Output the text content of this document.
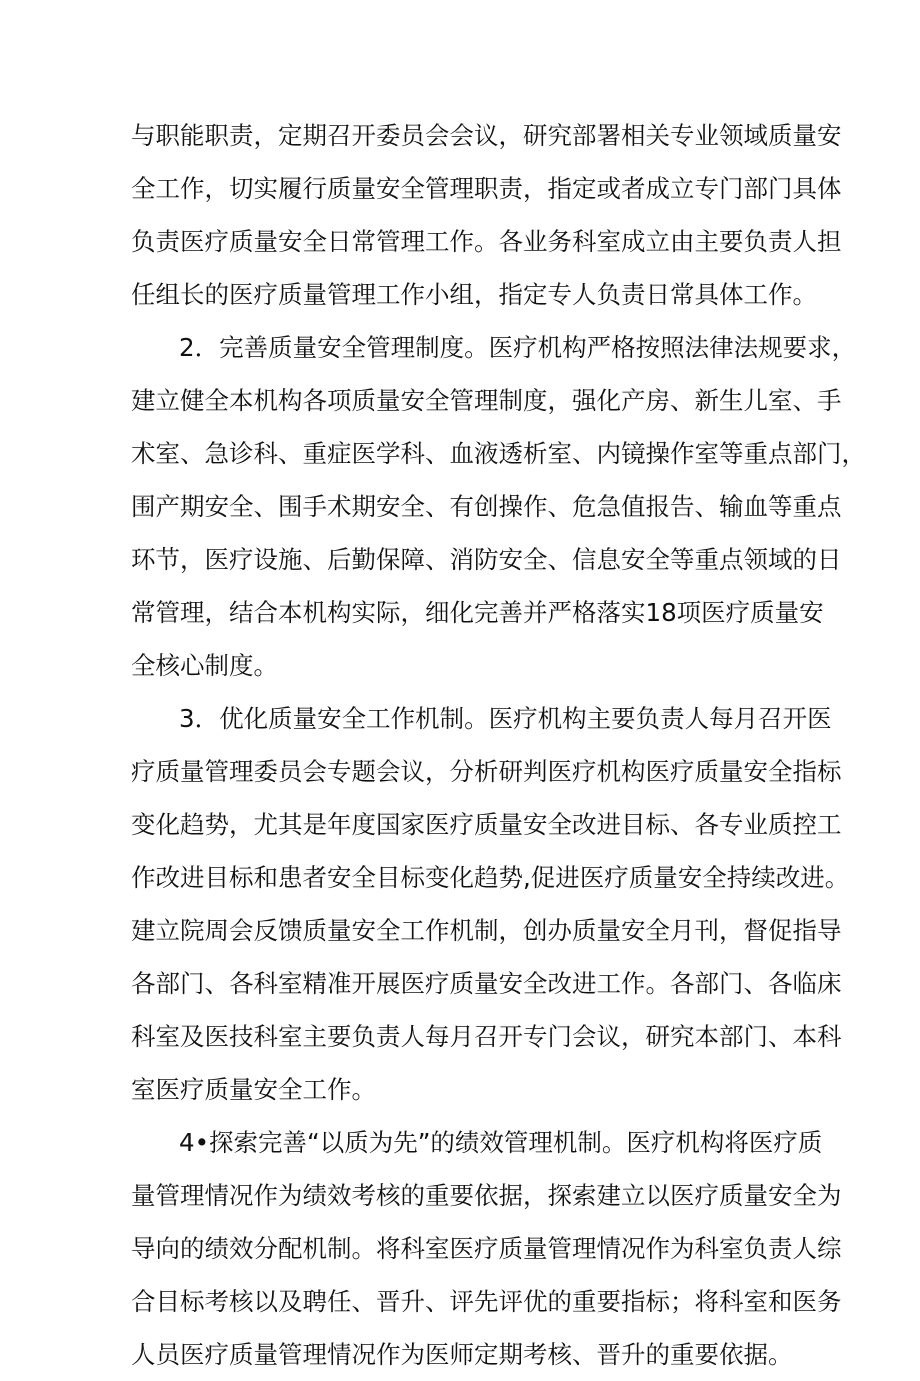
与职能职责，定期召开委员会会议，研究部署相关专业领域质量安
全工作，切实履行质量安全管理职责，指定或者成立专门部门具体
负责医疗质量安全日常管理工作。各业务科室成立由主要负责人担
任组长的医疗质量管理工作小组，指定专人负责日常具体工作。
2．完善质量安全管理制度。医疗机构严格按照法律法规要求，
建立健全本机构各项质量安全管理制度，强化产房、新生儿室、手
术室、急诊科、重症医学科、血液透析室、内镜操作室等重点部门，
围产期安全、围手术期安全、有创操作、危急值报告、输血等重点
环节，医疗设施、后勤保障、消防安全、信息安全等重点领域的日
常管理，结合本机构实际，细化完善并严格落实18项医疗质量安
全核心制度。
3．优化质量安全工作机制。医疗机构主要负责人每月召开医
疗质量管理委员会专题会议，分析研判医疗机构医疗质量安全指标
变化趋势，尤其是年度国家医疗质量安全改进目标、各专业质控工
作改进目标和患者安全目标变化趋势,促进医疗质量安全持续改进。
建立院周会反馈质量安全工作机制，创办质量安全月刊，督促指导
各部门、各科室精准开展医疗质量安全改进工作。各部门、各临床
科室及医技科室主要负责人每月召开专门会议，研究本部门、本科
室医疗质量安全工作。
4•探索完善“以质为先”的绩效管理机制。医疗机构将医疗质
量管理情况作为绩效考核的重要依据，探索建立以医疗质量安全为
导向的绩效分配机制。将科室医疗质量管理情况作为科室负责人综
合目标考核以及聘任、晋升、评先评优的重要指标；将科室和医务
人员医疗质量管理情况作为医师定期考核、晋升的重要依据。
